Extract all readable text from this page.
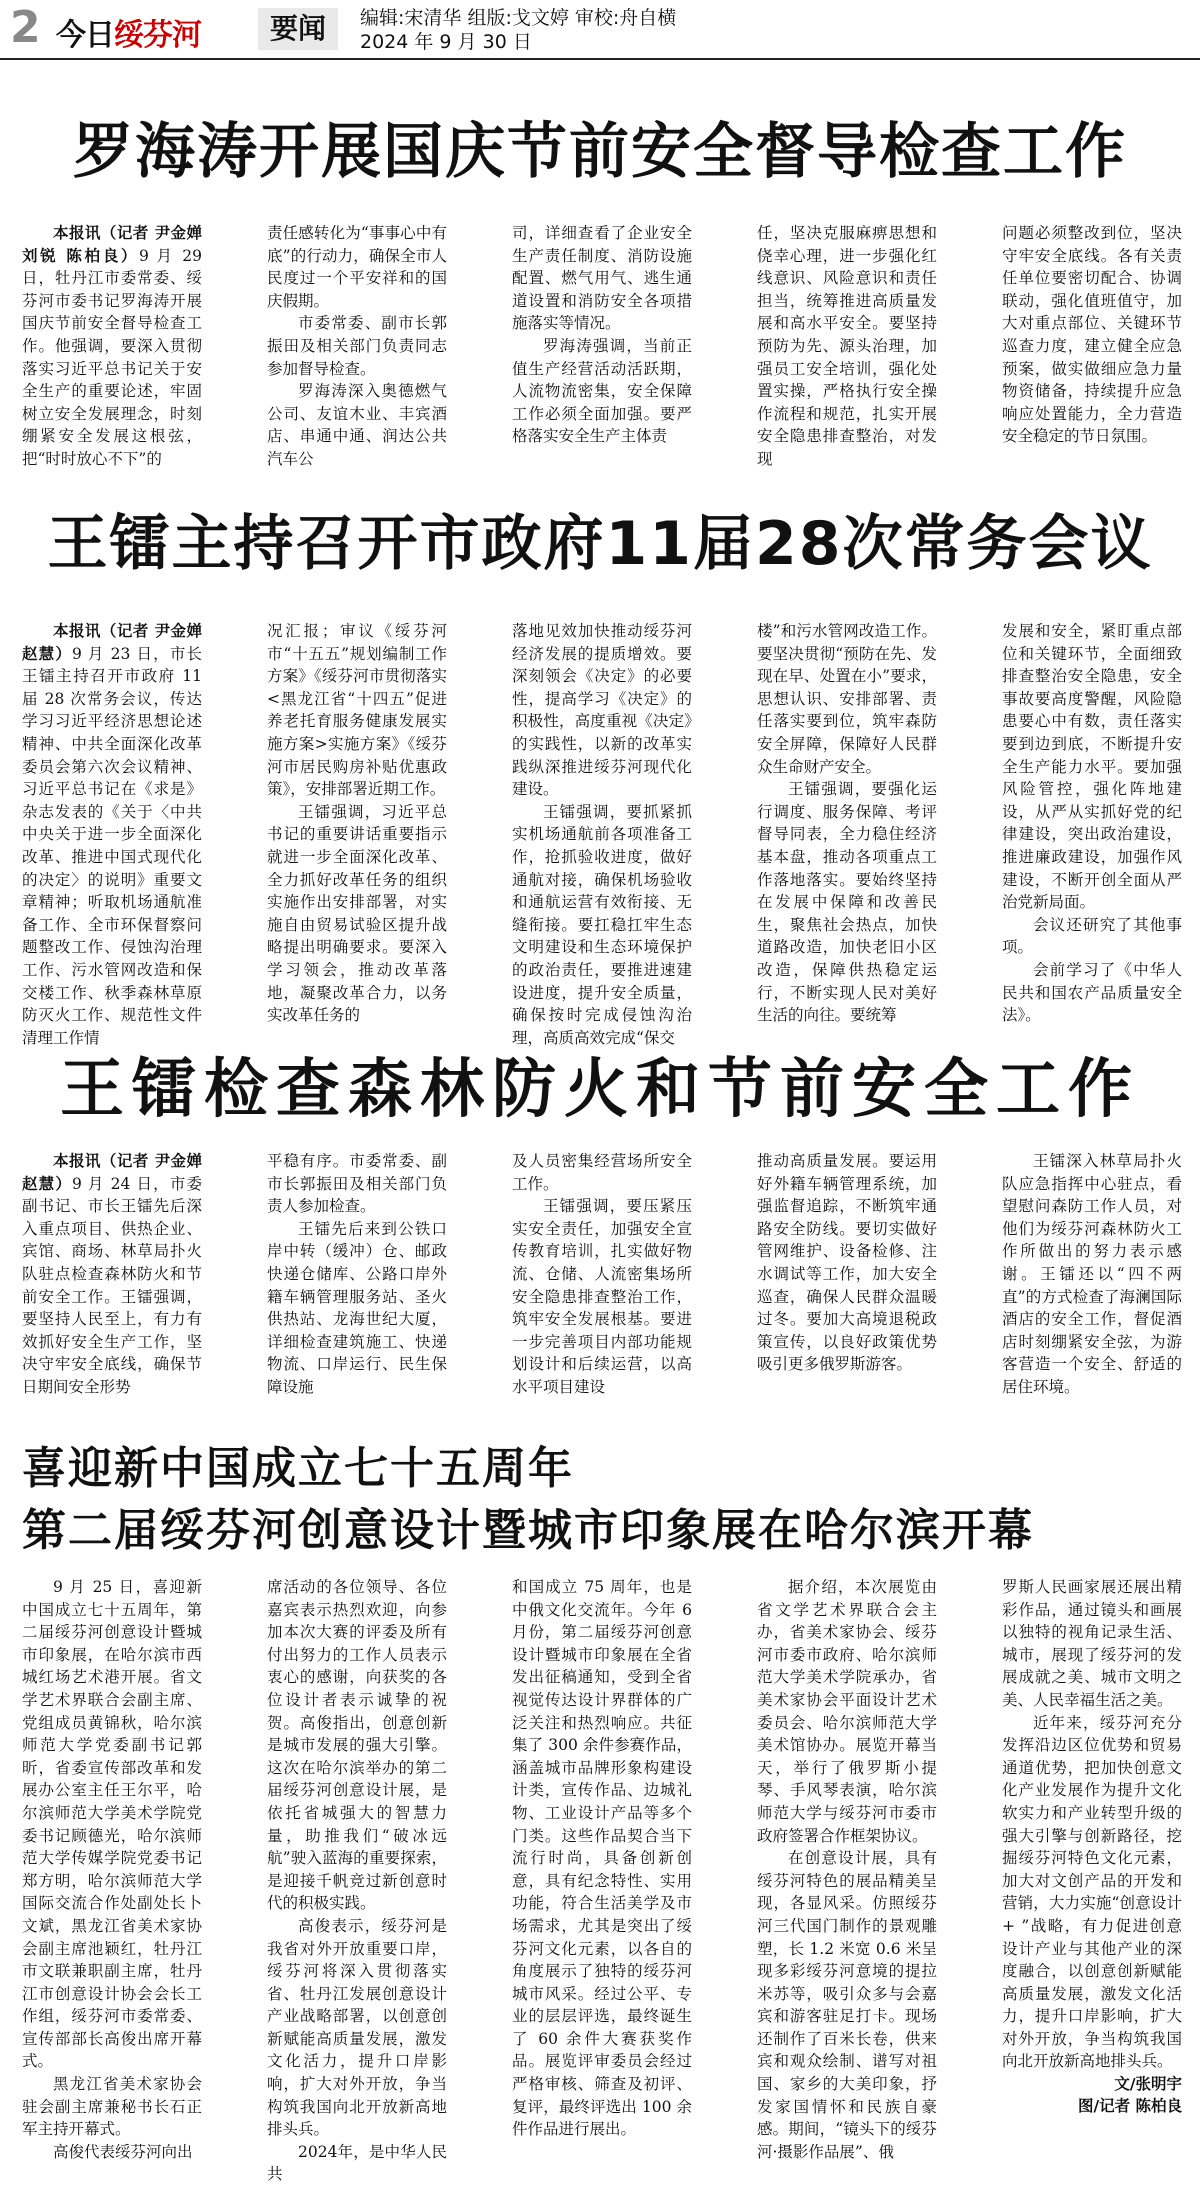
2 今日绥芬河	要闻	编辑:宋清华 组版:戈文婷 审校:舟自横
2024 年 9 月 30 日
罗海涛开展国庆节前安全督导检查工作

本报讯（记者 尹金婵 刘锐 陈柏良）9 月 29 日，牡丹江市委常委、绥芬河市委书记罗海涛开展国庆节前安全督导检查工作。他强调，要深入贯彻落实习近平总书记关于安全生产的重要论述，牢固树立安全发展理念，时刻绷紧安全发展这根弦，把“时时放心不下”的

责任感转化为“事事心中有底”的行动力，确保全市人民度过一个平安祥和的国庆假期。

市委常委、副市长郭振田及相关部门负责同志参加督导检查。

罗海涛深入奥德燃气公司、友谊木业、丰宾酒店、串通中通、润达公共汽车公

司，详细查看了企业安全生产责任制度、消防设施配置、燃气用气、逃生通道设置和消防安全各项措施落实等情况。

罗海涛强调，当前正值生产经营活动活跃期，人流物流密集，安全保障工作必须全面加强。要严格落实安全生产主体责

任，坚决克服麻痹思想和侥幸心理，进一步强化红线意识、风险意识和责任担当，统筹推进高质量发展和高水平安全。要坚持预防为先、源头治理，加强员工安全培训，强化处置实操，严格执行安全操作流程和规范，扎实开展安全隐患排查整治，对发现

问题必须整改到位，坚决守牢安全底线。各有关责任单位要密切配合、协调联动，强化值班值守，加大对重点部位、关键环节巡查力度，建立健全应急预案，做实做细应急力量物资储备，持续提升应急响应处置能力，全力营造安全稳定的节日氛围。

王镭主持召开市政府11届28次常务会议

本报讯（记者 尹金婵 赵慧）9 月 23 日，市长王镭主持召开市政府 11 届 28 次常务会议，传达学习习近平经济思想论述精神、中共全面深化改革委员会第六次会议精神、习近平总书记在《求是》杂志发表的《关于〈中共中央关于进一步全面深化改革、推进中国式现代化的决定〉的说明》重要文章精神；听取机场通航准备工作、全市环保督察问题整改工作、侵蚀沟治理工作、污水管网改造和保交楼工作、秋季森林草原防灭火工作、规范性文件清理工作情

况汇报；审议《绥芬河市“十五五”规划编制工作方案》《绥芬河市贯彻落实<黑龙江省“十四五”促进养老托育服务健康发展实施方案>实施方案》《绥芬河市居民购房补贴优惠政策》，安排部署近期工作。

王镭强调，习近平总书记的重要讲话重要指示就进一步全面深化改革、全力抓好改革任务的组织实施作出安排部署，对实施自由贸易试验区提升战略提出明确要求。要深入学习领会，推动改革落地，凝聚改革合力，以务实改革任务的

落地见效加快推动绥芬河经济发展的提质增效。要深刻领会《决定》的必要性，提高学习《决定》的积极性，高度重视《决定》的实践性，以新的改革实践纵深推进绥芬河现代化建设。

王镭强调，要抓紧抓实机场通航前各项准备工作，抢抓验收进度，做好通航对接，确保机场验收和通航运营有效衔接、无缝衔接。要扛稳扛牢生态文明建设和生态环境保护的政治责任，要推进速建设进度，提升安全质量，确保按时完成侵蚀沟治理，高质高效完成“保交

楼”和污水管网改造工作。要坚决贯彻“预防在先、发现在早、处置在小”要求，思想认识、安排部署、责任落实要到位，筑牢森防安全屏障，保障好人民群众生命财产安全。

王镭强调，要强化运行调度、服务保障、考评督导同表，全力稳住经济基本盘，推动各项重点工作落地落实。要始终坚持在发展中保障和改善民生，聚焦社会热点，加快道路改造，加快老旧小区改造，保障供热稳定运行，不断实现人民对美好生活的向往。要统筹

发展和安全，紧盯重点部位和关键环节，全面细致排查整治安全隐患，安全事故要高度警醒，风险隐患要心中有数，责任落实要到边到底，不断提升安全生产能力水平。要加强风险管控，强化阵地建设，从严从实抓好党的纪律建设，突出政治建设，推进廉政建设，加强作风建设，不断开创全面从严治党新局面。

会议还研究了其他事项。

会前学习了《中华人民共和国农产品质量安全法》。

王镭检查森林防火和节前安全工作

本报讯（记者 尹金婵 赵慧）9 月 24 日，市委副书记、市长王镭先后深入重点项目、供热企业、宾馆、商场、林草局扑火队驻点检查森林防火和节前安全工作。王镭强调，要坚持人民至上，有力有效抓好安全生产工作，坚决守牢安全底线，确保节日期间安全形势

平稳有序。市委常委、副市长郭振田及相关部门负责人参加检查。

王镭先后来到公铁口岸中转（缓冲）仓、邮政快递仓储库、公路口岸外籍车辆管理服务站、圣火供热站、龙海世纪大厦，详细检查建筑施工、快递物流、口岸运行、民生保障设施

及人员密集经营场所安全工作。

王镭强调，要压紧压实安全责任，加强安全宣传教育培训，扎实做好物流、仓储、人流密集场所安全隐患排查整治工作，筑牢安全发展根基。要进一步完善项目内部功能规划设计和后续运营，以高水平项目建设

推动高质量发展。要运用好外籍车辆管理系统，加强监督追踪，不断筑牢通路安全防线。要切实做好管网维护、设备检修、注水调试等工作，加大安全巡查，确保人民群众温暖过冬。要加大高境退税政策宣传，以良好政策优势吸引更多俄罗斯游客。

王镭深入林草局扑火队应急指挥中心驻点，看望慰问森防工作人员，对他们为绥芬河森林防火工作所做出的努力表示感谢。王镭还以“四不两直”的方式检查了海澜国际酒店的安全工作，督促酒店时刻绷紧安全弦，为游客营造一个安全、舒适的居住环境。

喜迎新中国成立七十五周年
第二届绥芬河创意设计暨城市印象展在哈尔滨开幕

9 月 25 日，喜迎新中国成立七十五周年，第二届绥芬河创意设计暨城市印象展，在哈尔滨市西城红场艺术港开展。省文学艺术界联合会副主席、党组成员黄锦秋，哈尔滨师范大学党委副书记郭昕，省委宣传部改革和发展办公室主任王尔平，哈尔滨师范大学美术学院党委书记顾德光，哈尔滨师范大学传媒学院党委书记郑方明，哈尔滨师范大学国际交流合作处副处长卜文斌，黑龙江省美术家协会副主席池颖红，牡丹江市文联兼职副主席，牡丹江市创意设计协会会长工作组，绥芬河市委常委、宣传部部长高俊出席开幕式。

黑龙江省美术家协会驻会副主席兼秘书长石正军主持开幕式。

高俊代表绥芬河向出

席活动的各位领导、各位嘉宾表示热烈欢迎，向参加本次大赛的评委及所有付出努力的工作人员表示衷心的感谢，向获奖的各位设计者表示诚挚的祝贺。高俊指出，创意创新是城市发展的强大引擎。这次在哈尔滨举办的第二届绥芬河创意设计展，是依托省城强大的智慧力量，助推我们“破冰远航”驶入蓝海的重要探索，是迎接千帆竞过新创意时代的积极实践。

高俊表示，绥芬河是我省对外开放重要口岸，绥芬河将深入贯彻落实省、牡丹江发展创意设计产业战略部署，以创意创新赋能高质量发展，激发文化活力，提升口岸影响，扩大对外开放，争当构筑我国向北开放新高地排头兵。

2024年，是中华人民共

和国成立 75 周年，也是中俄文化交流年。今年 6 月份，第二届绥芬河创意设计暨城市印象展在全省发出征稿通知，受到全省视觉传达设计界群体的广泛关注和热烈响应。共征集了 300 余件参赛作品，涵盖城市品牌形象构建设计类，宣传作品、边城礼物、工业设计产品等多个门类。这些作品契合当下流行时尚，具备创新创意，具有纪念特性、实用功能，符合生活美学及市场需求，尤其是突出了绥芬河文化元素，以各自的角度展示了独特的绥芬河城市风采。经过公平、专业的层层评选，最终诞生了 60 余件大赛获奖作品。展览评审委员会经过严格审核、筛查及初评、复评，最终评选出 100 余件作品进行展出。

据介绍，本次展览由省文学艺术界联合会主办，省美术家协会、绥芬河市委市政府、哈尔滨师范大学美术学院承办，省美术家协会平面设计艺术委员会、哈尔滨师范大学美术馆协办。展览开幕当天，举行了俄罗斯小提琴、手风琴表演，哈尔滨师范大学与绥芬河市委市政府签署合作框架协议。

在创意设计展，具有绥芬河特色的展品精美呈现，各显风采。仿照绥芬河三代国门制作的景观雕塑，长 1.2 米宽 0.6 米呈现多彩绥芬河意境的提拉米苏等，吸引众多与会嘉宾和游客驻足打卡。现场还制作了百米长卷，供来宾和观众绘制、谱写对祖国、家乡的大美印象，抒发家国情怀和民族自豪感。期间，“镜头下的绥芬河·摄影作品展”、俄

罗斯人民画家展还展出精彩作品，通过镜头和画展以独特的视角记录生活、城市，展现了绥芬河的发展成就之美、城市文明之美、人民幸福生活之美。

近年来，绥芬河充分发挥沿边区位优势和贸易通道优势，把加快创意文化产业发展作为提升文化软实力和产业转型升级的强大引擎与创新路径，挖掘绥芬河特色文化元素，加大对文创产品的开发和营销，大力实施“创意设计 + ”战略，有力促进创意设计产业与其他产业的深度融合，以创意创新赋能高质量发展，激发文化活力，提升口岸影响，扩大对外开放，争当构筑我国向北开放新高地排头兵。

文/张明宇
图/记者 陈柏良
